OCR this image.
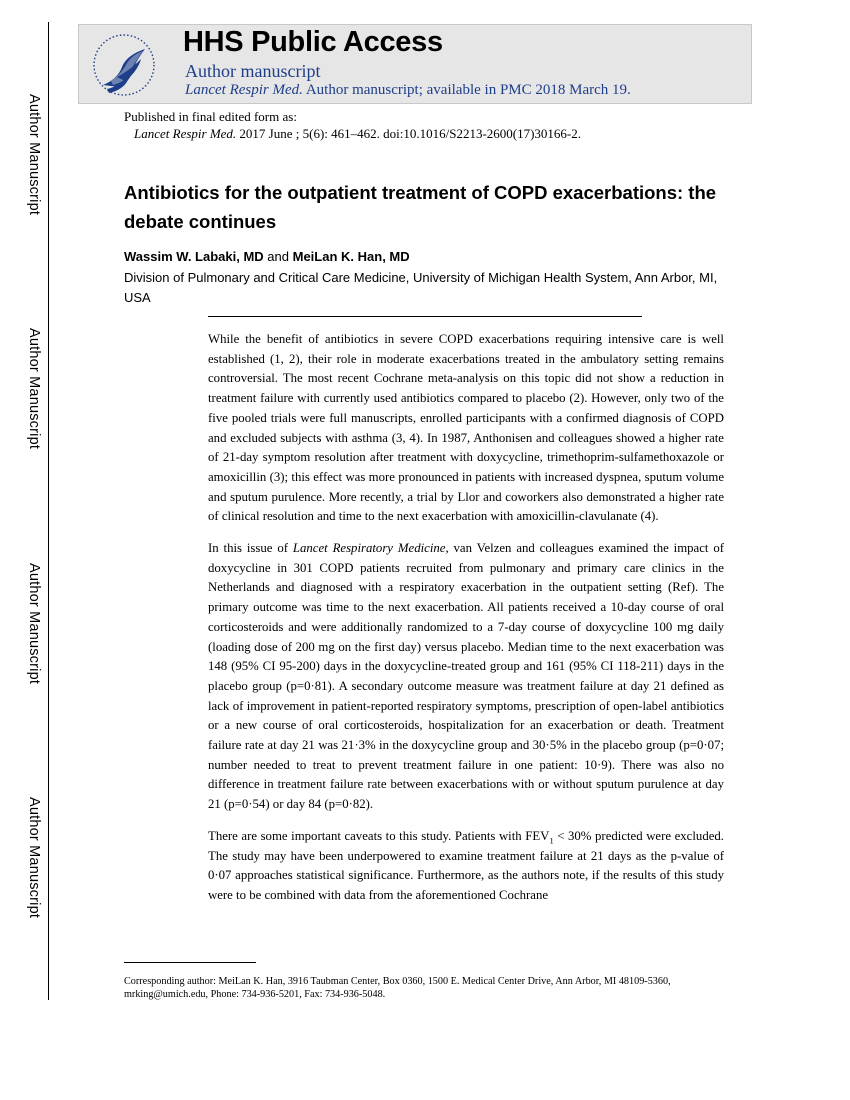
Author Manuscript
Author Manuscript
Author Manuscript
Author Manuscript
HHS Public Access
Author manuscript
Lancet Respir Med. Author manuscript; available in PMC 2018 March 19.
Published in final edited form as:
Lancet Respir Med. 2017 June ; 5(6): 461–462. doi:10.1016/S2213-2600(17)30166-2.
Antibiotics for the outpatient treatment of COPD exacerbations: the debate continues
Wassim W. Labaki, MD and MeiLan K. Han, MD
Division of Pulmonary and Critical Care Medicine, University of Michigan Health System, Ann Arbor, MI, USA

While the benefit of antibiotics in severe COPD exacerbations requiring intensive care is well established (1, 2), their role in moderate exacerbations treated in the ambulatory setting remains controversial. The most recent Cochrane meta-analysis on this topic did not show a reduction in treatment failure with currently used antibiotics compared to placebo (2). However, only two of the five pooled trials were full manuscripts, enrolled participants with a confirmed diagnosis of COPD and excluded subjects with asthma (3, 4). In 1987, Anthonisen and colleagues showed a higher rate of 21-day symptom resolution after treatment with doxycycline, trimethoprim-sulfamethoxazole or amoxicillin (3); this effect was more pronounced in patients with increased dyspnea, sputum volume and sputum purulence. More recently, a trial by Llor and coworkers also demonstrated a higher rate of clinical resolution and time to the next exacerbation with amoxicillin-clavulanate (4).

In this issue of Lancet Respiratory Medicine, van Velzen and colleagues examined the impact of doxycycline in 301 COPD patients recruited from pulmonary and primary care clinics in the Netherlands and diagnosed with a respiratory exacerbation in the outpatient setting (Ref). The primary outcome was time to the next exacerbation. All patients received a 10-day course of oral corticosteroids and were additionally randomized to a 7-day course of doxycycline 100 mg daily (loading dose of 200 mg on the first day) versus placebo. Median time to the next exacerbation was 148 (95% CI 95-200) days in the doxycycline-treated group and 161 (95% CI 118-211) days in the placebo group (p=0·81). A secondary outcome measure was treatment failure at day 21 defined as lack of improvement in patient-reported respiratory symptoms, prescription of open-label antibiotics or a new course of oral corticosteroids, hospitalization for an exacerbation or death. Treatment failure rate at day 21 was 21·3% in the doxycycline group and 30·5% in the placebo group (p=0·07; number needed to treat to prevent treatment failure in one patient: 10·9). There was also no difference in treatment failure rate between exacerbations with or without sputum purulence at day 21 (p=0·54) or day 84 (p=0·82).

There are some important caveats to this study. Patients with $FEV_1 < 30\%$ predicted were excluded. The study may have been underpowered to examine treatment failure at 21 days as the p-value of 0·07 approaches statistical significance. Furthermore, as the authors note, if the results of this study were to be combined with data from the aforementioned Cochrane

Corresponding author: MeiLan K. Han, 3916 Taubman Center, Box 0360, 1500 E. Medical Center Drive, Ann Arbor, MI 48109-5360, mrking@umich.edu, Phone: 734-936-5201, Fax: 734-936-5048.
